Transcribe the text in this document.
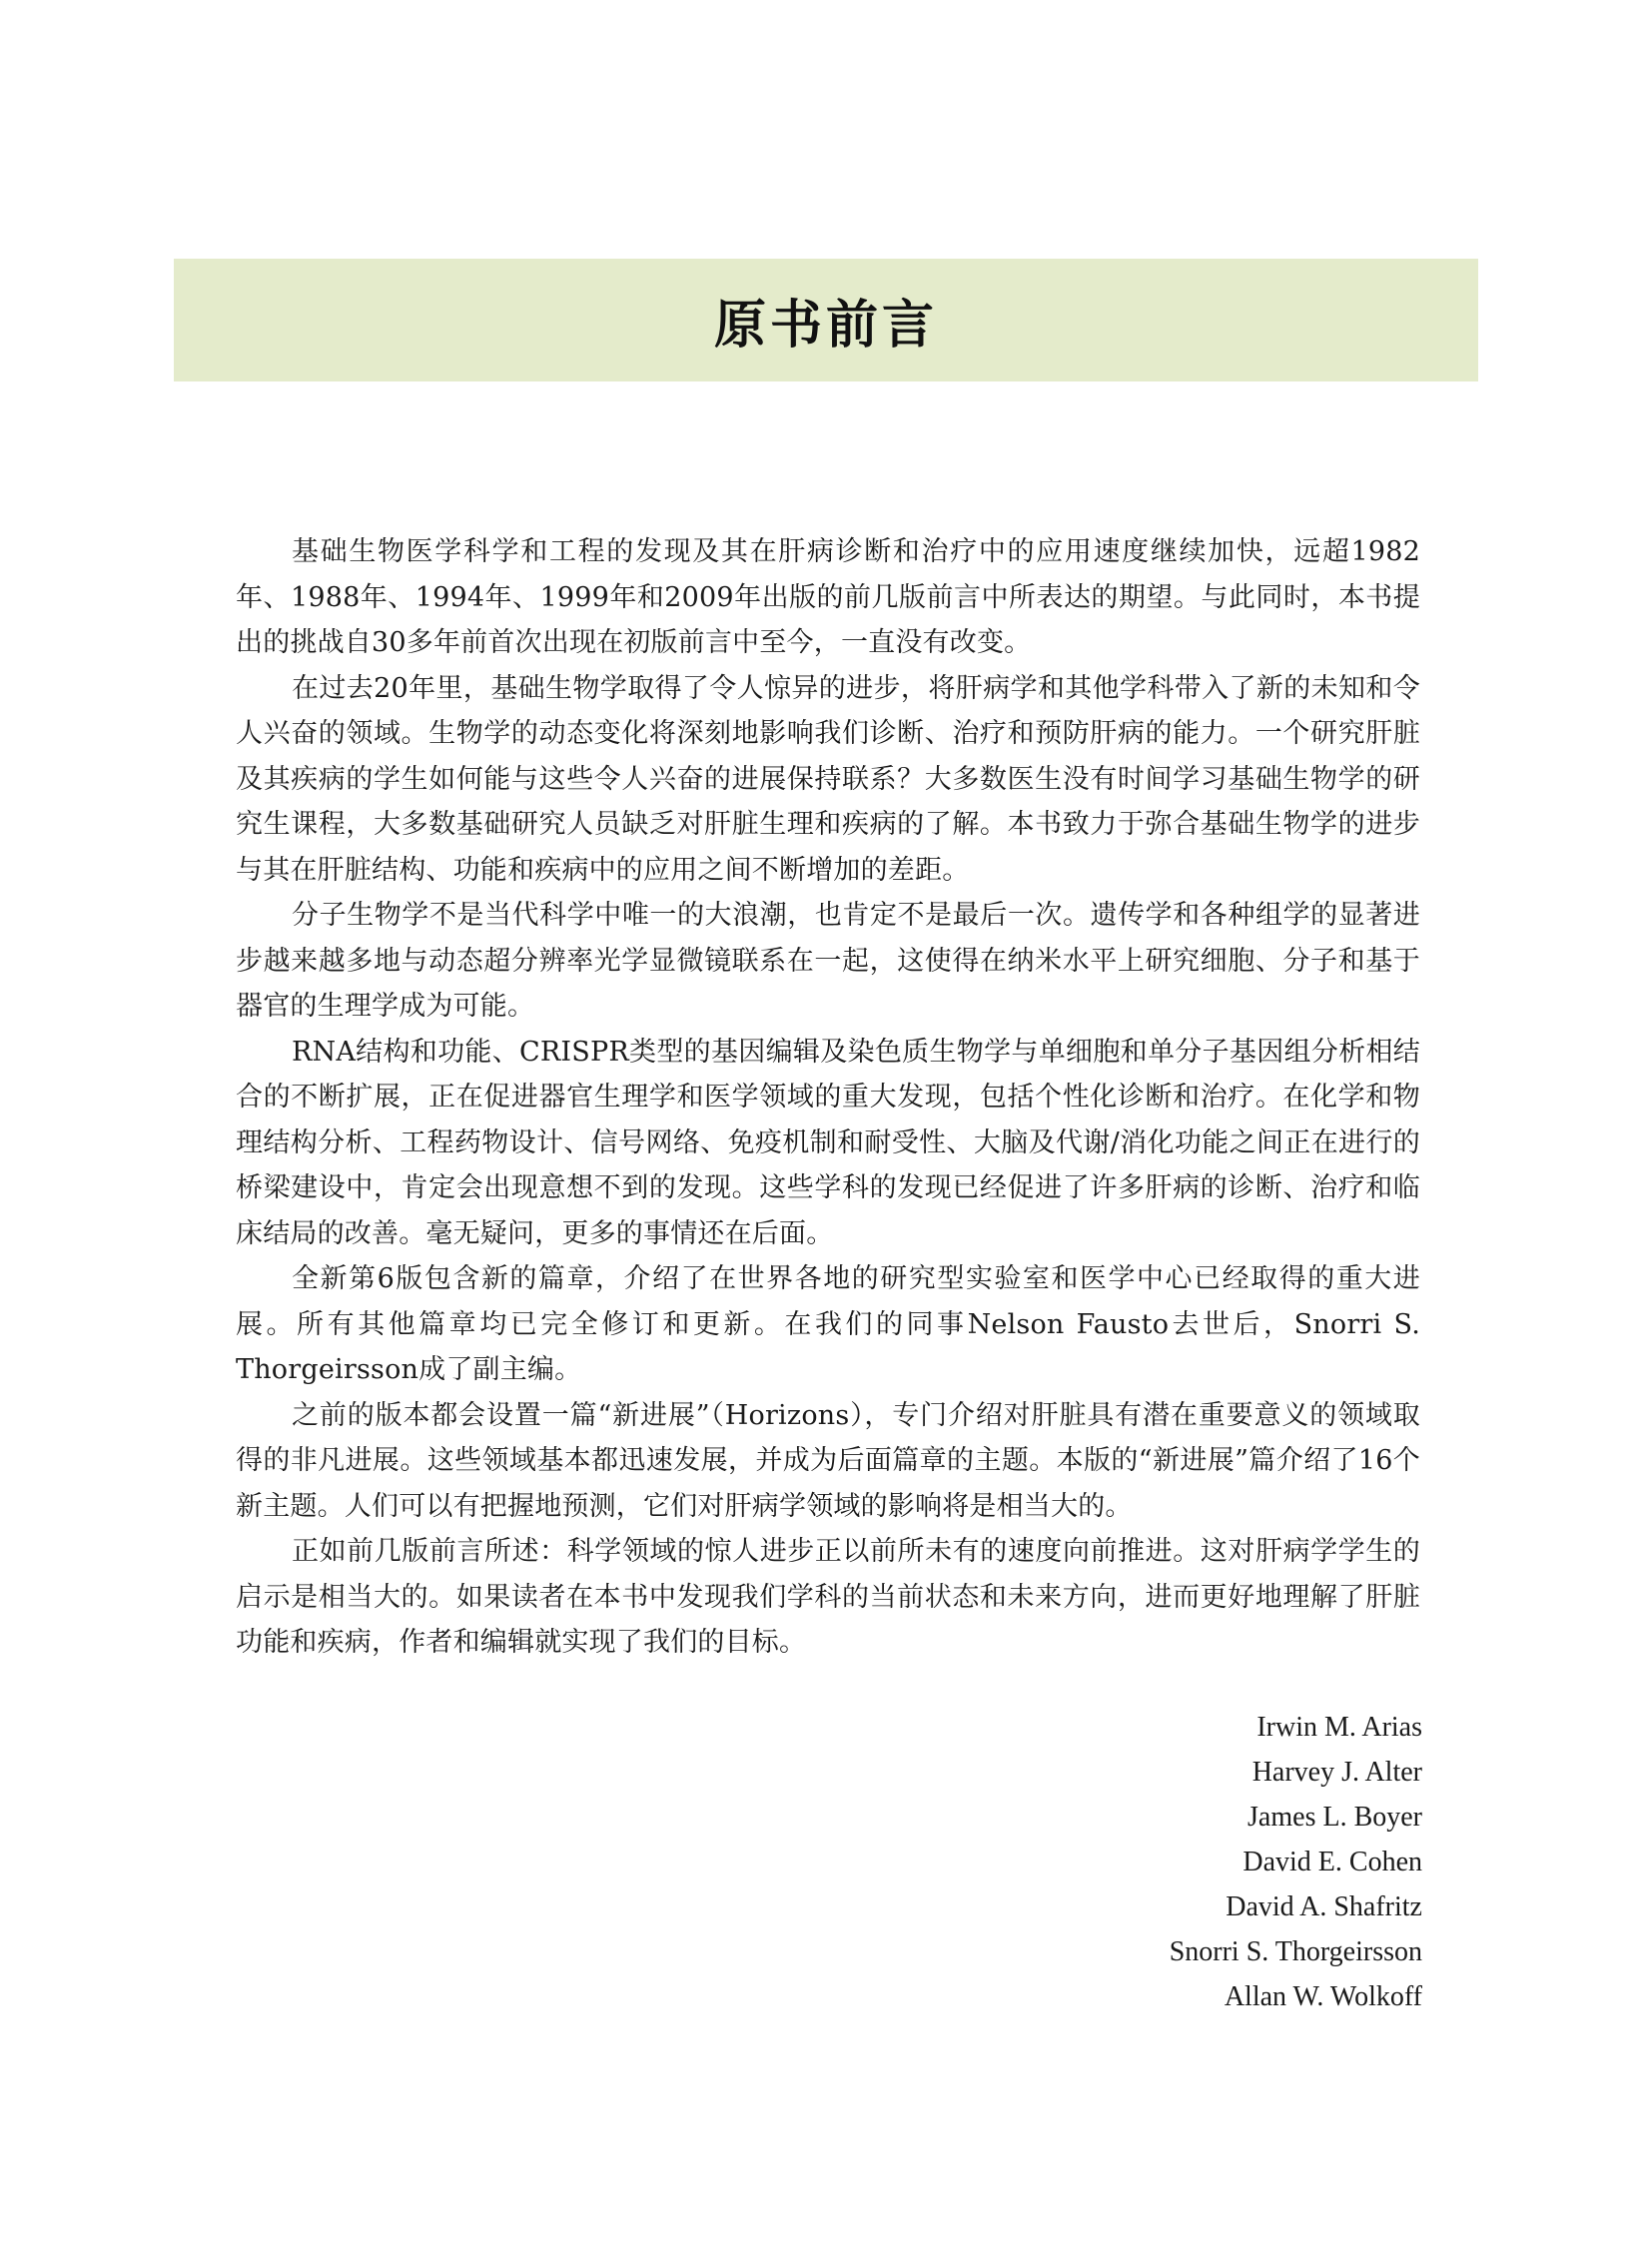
原书前言

基础生物医学科学和工程的发现及其在肝病诊断和治疗中的应用速度继续加快，远超1982年、1988年、1994年、1999年和2009年出版的前几版前言中所表达的期望。与此同时，本书提出的挑战自30多年前首次出现在初版前言中至今，一直没有改变。

在过去20年里，基础生物学取得了令人惊异的进步，将肝病学和其他学科带入了新的未知和令人兴奋的领域。生物学的动态变化将深刻地影响我们诊断、治疗和预防肝病的能力。一个研究肝脏及其疾病的学生如何能与这些令人兴奋的进展保持联系？大多数医生没有时间学习基础生物学的研究生课程，大多数基础研究人员缺乏对肝脏生理和疾病的了解。本书致力于弥合基础生物学的进步与其在肝脏结构、功能和疾病中的应用之间不断增加的差距。

分子生物学不是当代科学中唯一的大浪潮，也肯定不是最后一次。遗传学和各种组学的显著进步越来越多地与动态超分辨率光学显微镜联系在一起，这使得在纳米水平上研究细胞、分子和基于器官的生理学成为可能。

RNA结构和功能、CRISPR类型的基因编辑及染色质生物学与单细胞和单分子基因组分析相结合的不断扩展，正在促进器官生理学和医学领域的重大发现，包括个性化诊断和治疗。在化学和物理结构分析、工程药物设计、信号网络、免疫机制和耐受性、大脑及代谢/消化功能之间正在进行的桥梁建设中，肯定会出现意想不到的发现。这些学科的发现已经促进了许多肝病的诊断、治疗和临床结局的改善。毫无疑问，更多的事情还在后面。

全新第6版包含新的篇章，介绍了在世界各地的研究型实验室和医学中心已经取得的重大进展。所有其他篇章均已完全修订和更新。在我们的同事Nelson Fausto去世后，Snorri S. Thorgeirsson成了副主编。

之前的版本都会设置一篇“新进展”（Horizons），专门介绍对肝脏具有潜在重要意义的领域取得的非凡进展。这些领域基本都迅速发展，并成为后面篇章的主题。本版的“新进展”篇介绍了16个新主题。人们可以有把握地预测，它们对肝病学领域的影响将是相当大的。

正如前几版前言所述：科学领域的惊人进步正以前所未有的速度向前推进。这对肝病学学生的启示是相当大的。如果读者在本书中发现我们学科的当前状态和未来方向，进而更好地理解了肝脏功能和疾病，作者和编辑就实现了我们的目标。

Irwin M. Arias
Harvey J. Alter
James L. Boyer
David E. Cohen
David A. Shafritz
Snorri S. Thorgeirsson
Allan W. Wolkoff
